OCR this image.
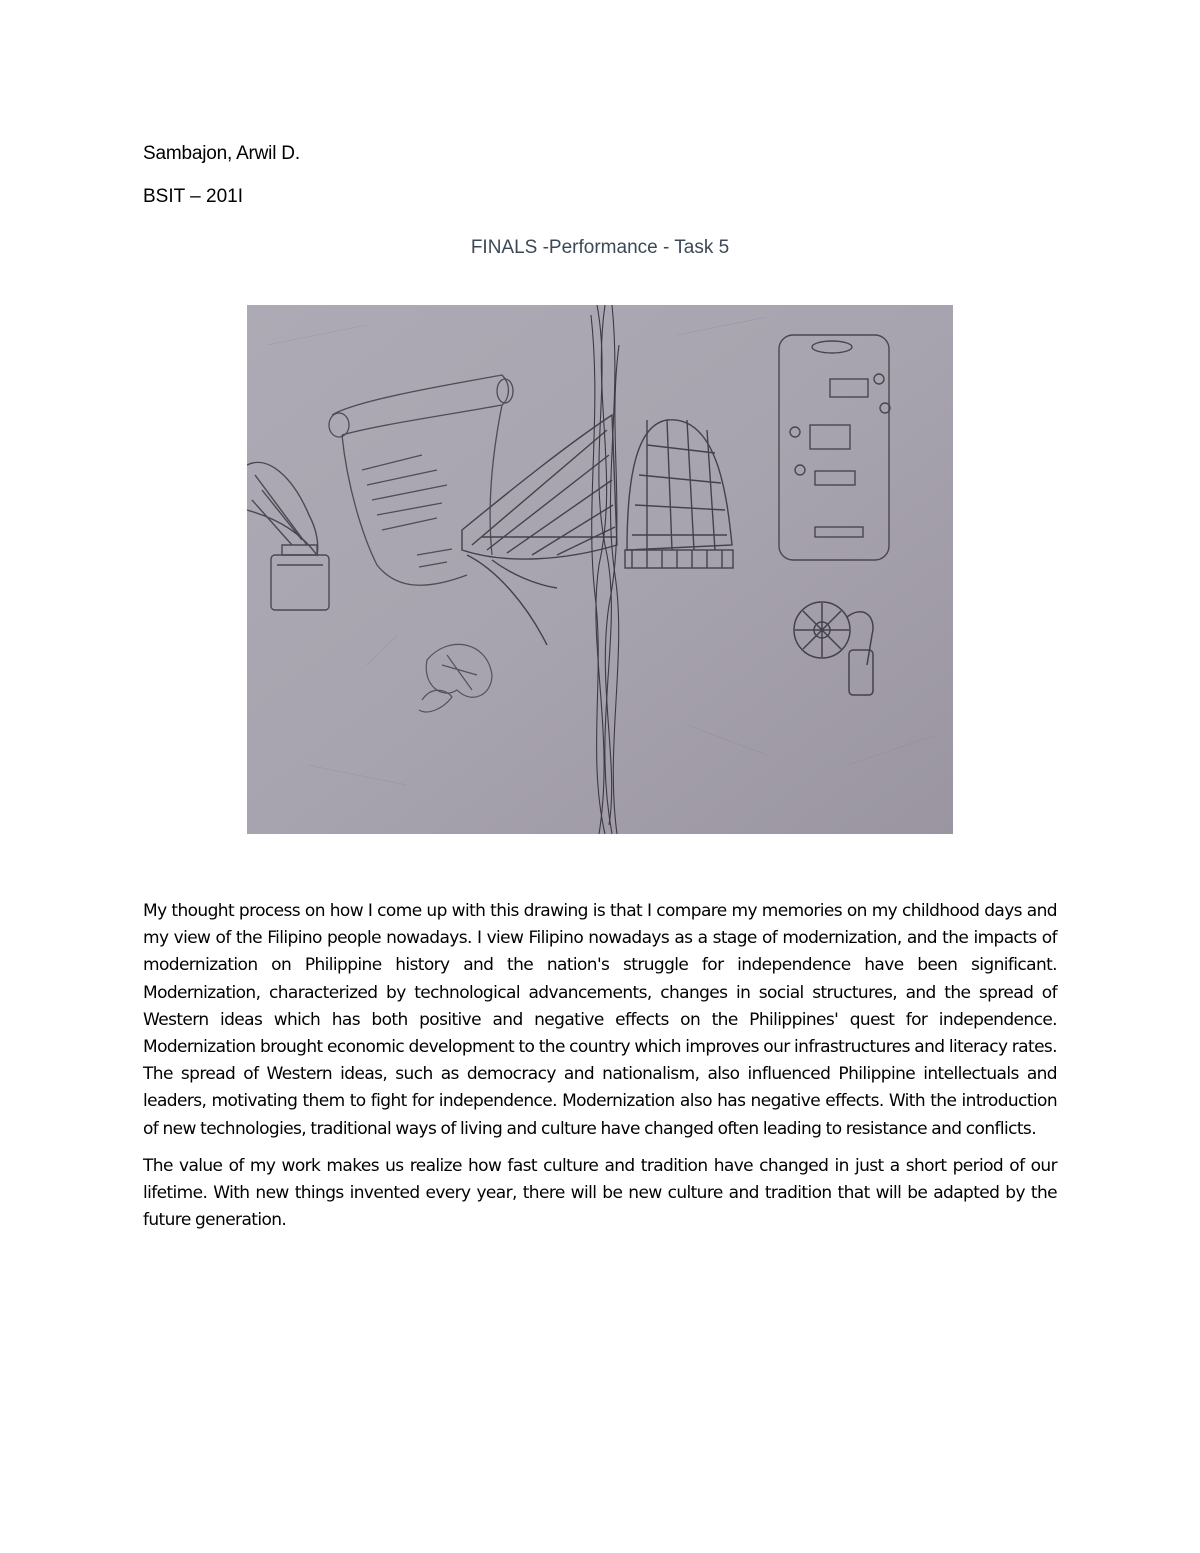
Sambajon, Arwil D.
BSIT – 201I
FINALS -Performance - Task 5

My thought process on how I come up with this drawing is that I compare my memories on my childhood days and my view of the Filipino people nowadays. I view Filipino nowadays as a stage of modernization, and the impacts of modernization on Philippine history and the nation's struggle for independence have been significant. Modernization, characterized by technological advancements, changes in social structures, and the spread of Western ideas which has both positive and negative effects on the Philippines' quest for independence. Modernization brought economic development to the country which improves our infrastructures and literacy rates. The spread of Western ideas, such as democracy and nationalism, also influenced Philippine intellectuals and leaders, motivating them to fight for independence. Modernization also has negative effects. With the introduction of new technologies, traditional ways of living and culture have changed often leading to resistance and conflicts.

The value of my work makes us realize how fast culture and tradition have changed in just a short period of our lifetime. With new things invented every year, there will be new culture and tradition that will be adapted by the future generation.
